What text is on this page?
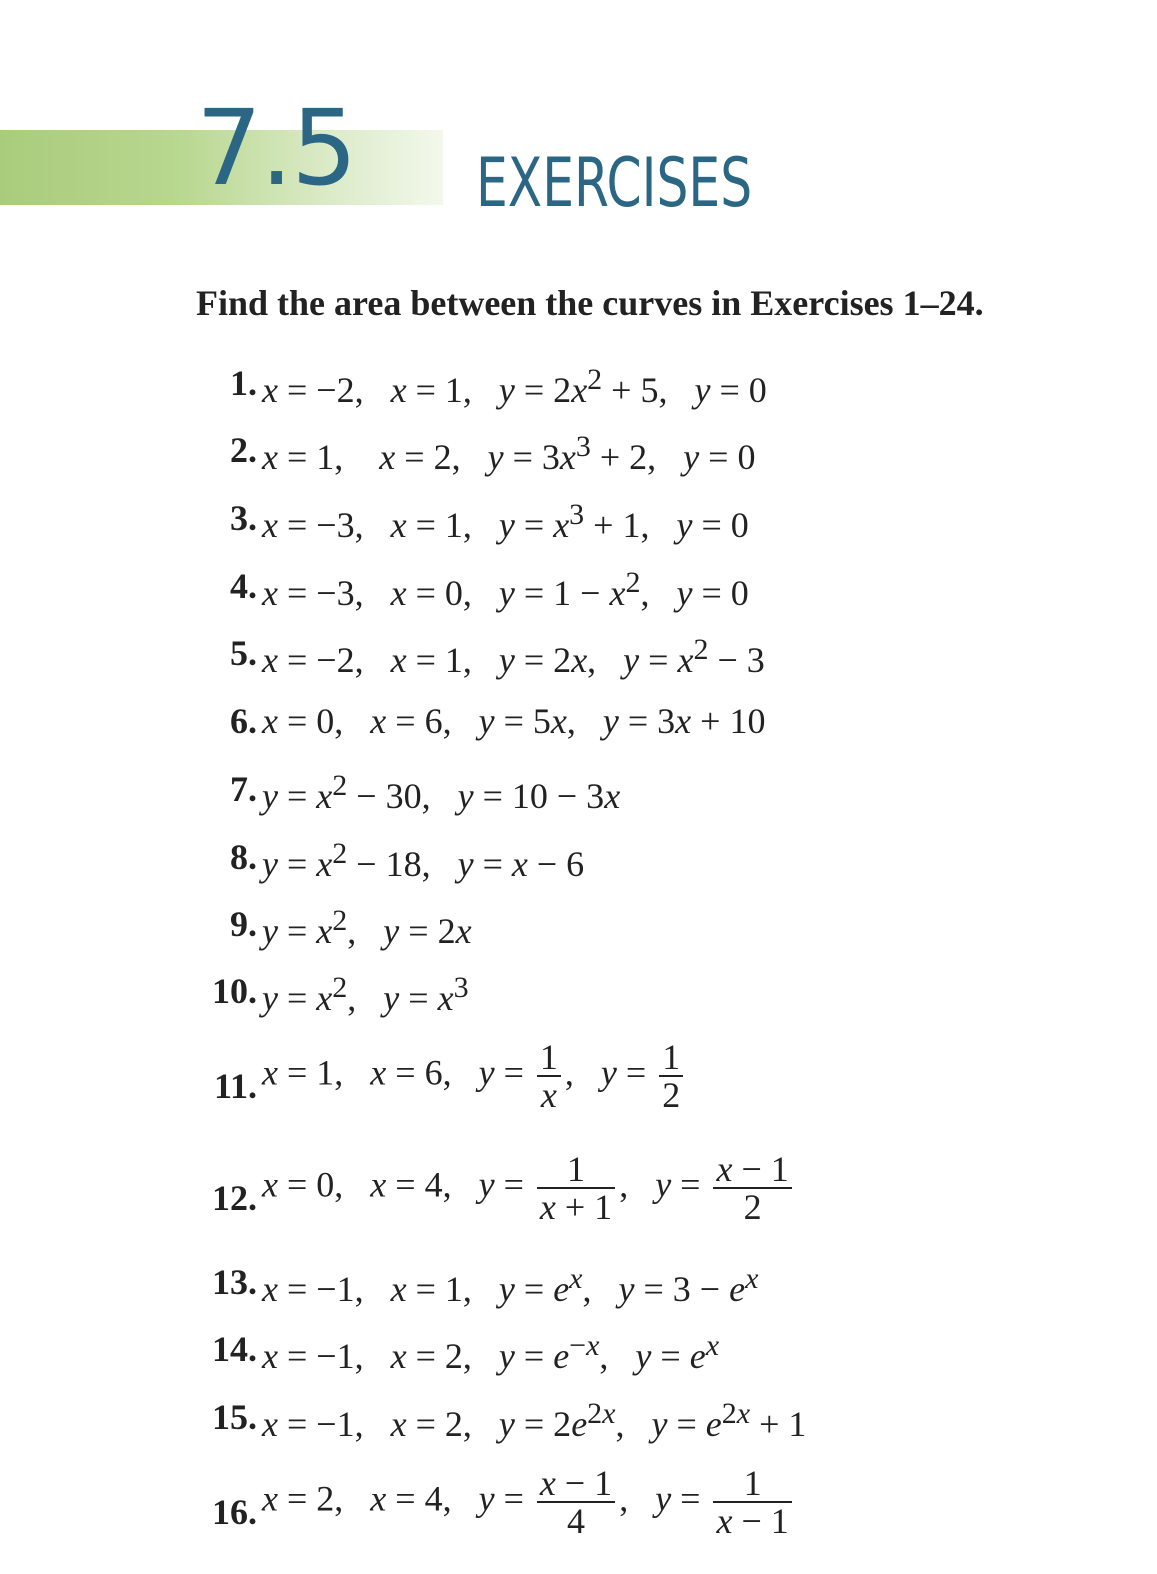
7.5 EXERCISES
Find the area between the curves in Exercises 1–24.
1. x = −2,   x = 1,   $y = 2x^2 + 5$,   y = 0
2. x = 1,    x = 2,   $y = 3x^3 + 2$,   y = 0
3. x = −3,   x = 1,   $y = x^3 + 1$,   y = 0
4. x = −3,   x = 0,   $y = 1 - x^2$,   y = 0
5. x = −2,   x = 1,   y = 2x,   $y = x^2 - 3$
6. x = 0,   x = 6,   y = 5x,   y = 3x + 10
7. $y = x^2 - 30$,   y = 10 − 3x
8. $y = x^2 - 18$,   y = x − 6
9. $y = x^2$,   y = 2x
10. $y = x^2$,   $y = x^3$
11. x = 1,   x = 6,   $y = \frac{1}{x}$ ,   $y = \frac{1}{2}$
12. x = 0,   x = 4,   $y = \frac{1}{x + 1}$ ,   $y = \frac{x - 1}{2}$
13. x = −1,   x = 1,   $y = e^x$,   $y = 3 - e^x$
14. x = −1,   x = 2,   $y = e^{-x}$,   $y = e^x$
15. x = −1,   x = 2,   $y = 2e^{2x}$,   $y = e^{2x} + 1$
16. x = 2,   x = 4,   $y = \frac{x - 1}{4}$ ,   $y = \frac{1}{x - 1}$
